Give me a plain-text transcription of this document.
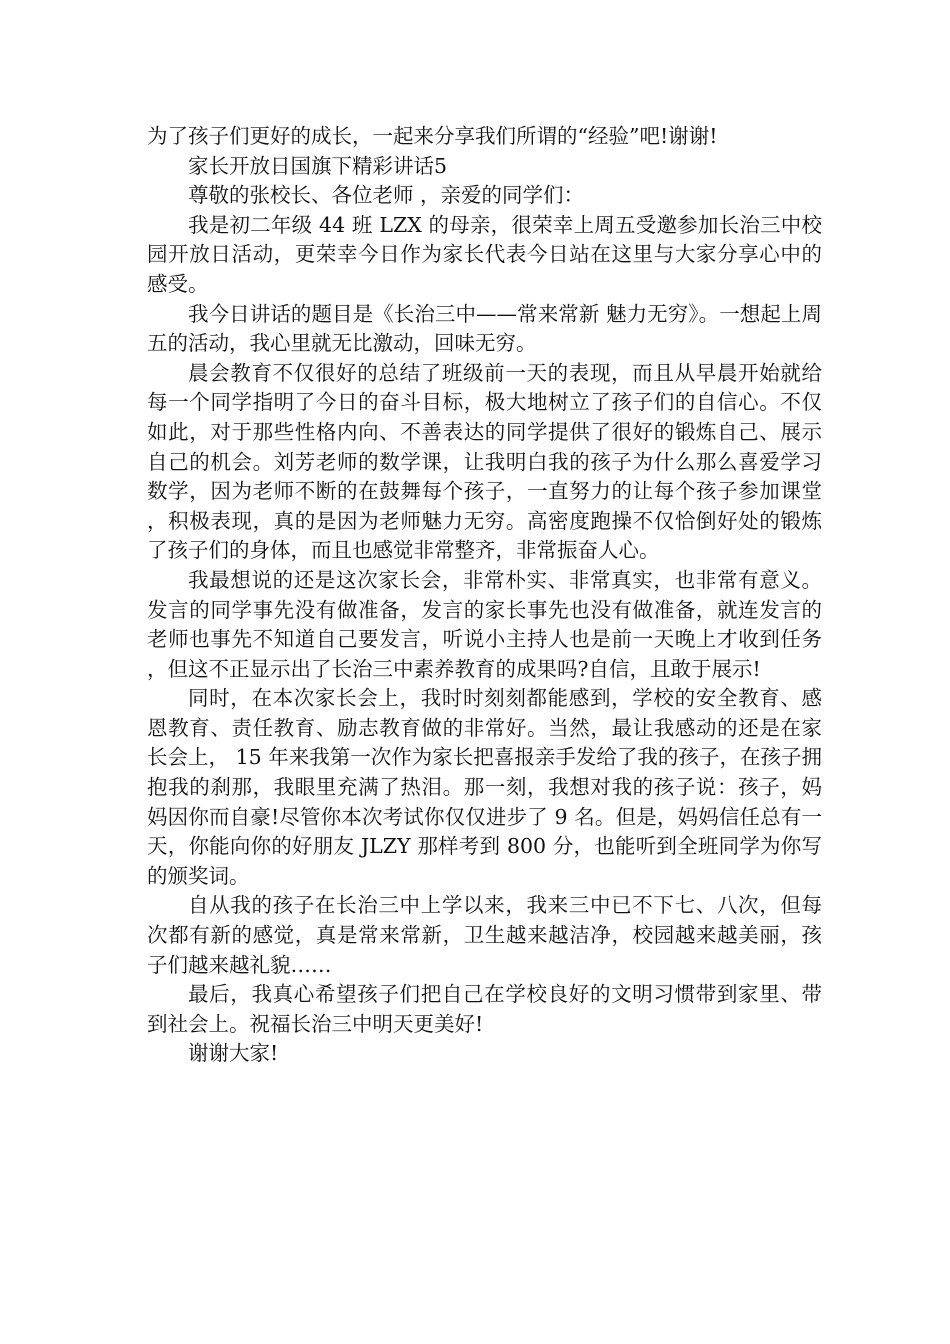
为了孩子们更好的成长，一起来分享我们所谓的“经验”吧!谢谢!

家长开放日国旗下精彩讲话5

尊敬的张校长、各位老师 ，亲爱的同学们：

我是初二年级 44 班 LZX 的母亲，很荣幸上周五受邀参加长治三中校园开放日活动，更荣幸今日作为家长代表今日站在这里与大家分享心中的感受。

我今日讲话的题目是《长治三中——常来常新 魅力无穷》。一想起上周五的活动，我心里就无比激动，回味无穷。

晨会教育不仅很好的总结了班级前一天的表现，而且从早晨开始就给每一个同学指明了今日的奋斗目标，极大地树立了孩子们的自信心。不仅如此，对于那些性格内向、不善表达的同学提供了很好的锻炼自己、展示自己的机会。刘芳老师的数学课，让我明白我的孩子为什么那么喜爱学习数学，因为老师不断的在鼓舞每个孩子，一直努力的让每个孩子参加课堂，积极表现，真的是因为老师魅力无穷。高密度跑操不仅恰倒好处的锻炼了孩子们的身体，而且也感觉非常整齐，非常振奋人心。

我最想说的还是这次家长会，非常朴实、非常真实，也非常有意义。发言的同学事先没有做准备，发言的家长事先也没有做准备，就连发言的老师也事先不知道自己要发言，听说小主持人也是前一天晚上才收到任务，但这不正显示出了长治三中素养教育的成果吗?自信，且敢于展示!

同时，在本次家长会上，我时时刻刻都能感到，学校的安全教育、感恩教育、责任教育、励志教育做的非常好。当然，最让我感动的还是在家长会上， 15 年来我第一次作为家长把喜报亲手发给了我的孩子，在孩子拥抱我的刹那，我眼里充满了热泪。那一刻，我想对我的孩子说：孩子，妈妈因你而自豪!尽管你本次考试你仅仅进步了 9 名。但是，妈妈信任总有一天，你能向你的好朋友 JLZY 那样考到 800 分，也能听到全班同学为你写的颁奖词。

自从我的孩子在长治三中上学以来，我来三中已不下七、八次，但每次都有新的感觉，真是常来常新，卫生越来越洁净，校园越来越美丽，孩子们越来越礼貌……

最后，我真心希望孩子们把自己在学校良好的文明习惯带到家里、带到社会上。祝福长治三中明天更美好!

谢谢大家!
